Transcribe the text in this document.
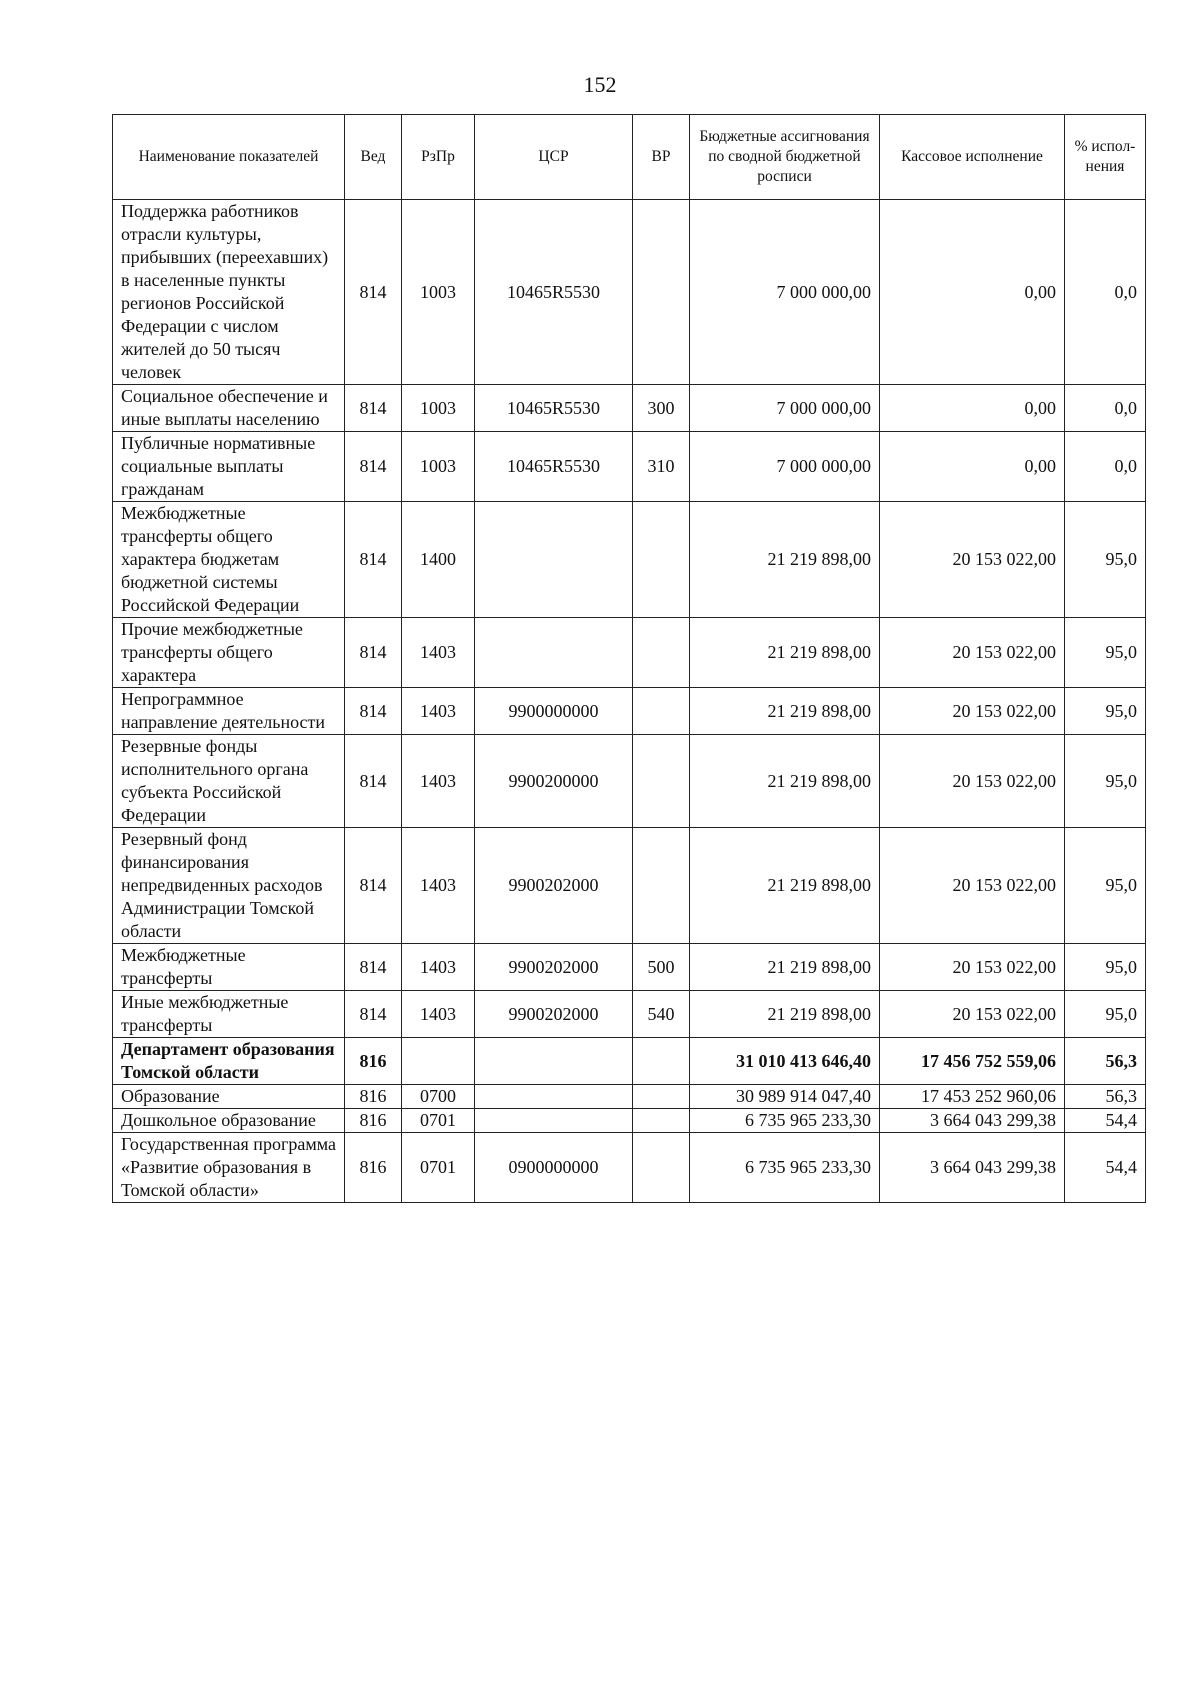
152
Наименование показателей	Вед	РзПр	ЦСР	ВР	Бюджетные ассигнования по сводной бюджетной росписи	Кассовое исполнение	% испол-нения
Поддержка работников отрасли культуры, прибывших (переехавших) в населенные пункты регионов Российской Федерации с числом жителей до 50 тысяч человек	814	1003	10465R5530		7 000 000,00	0,00	0,0
Социальное обеспечение и иные выплаты населению	814	1003	10465R5530	300	7 000 000,00	0,00	0,0
Публичные нормативные социальные выплаты гражданам	814	1003	10465R5530	310	7 000 000,00	0,00	0,0
Межбюджетные трансферты общего характера бюджетам бюджетной системы Российской Федерации	814	1400			21 219 898,00	20 153 022,00	95,0
Прочие межбюджетные трансферты общего характера	814	1403			21 219 898,00	20 153 022,00	95,0
Непрограммное направление деятельности	814	1403	9900000000		21 219 898,00	20 153 022,00	95,0
Резервные фонды исполнительного органа субъекта Российской Федерации	814	1403	9900200000		21 219 898,00	20 153 022,00	95,0
Резервный фонд финансирования непредвиденных расходов Администрации Томской области	814	1403	9900202000		21 219 898,00	20 153 022,00	95,0
Межбюджетные трансферты	814	1403	9900202000	500	21 219 898,00	20 153 022,00	95,0
Иные межбюджетные трансферты	814	1403	9900202000	540	21 219 898,00	20 153 022,00	95,0
Департамент образования Томской области	816				31 010 413 646,40	17 456 752 559,06	56,3
Образование	816	0700			30 989 914 047,40	17 453 252 960,06	56,3
Дошкольное образование	816	0701			6 735 965 233,30	3 664 043 299,38	54,4
Государственная программа «Развитие образования в Томской области»	816	0701	0900000000		6 735 965 233,30	3 664 043 299,38	54,4
